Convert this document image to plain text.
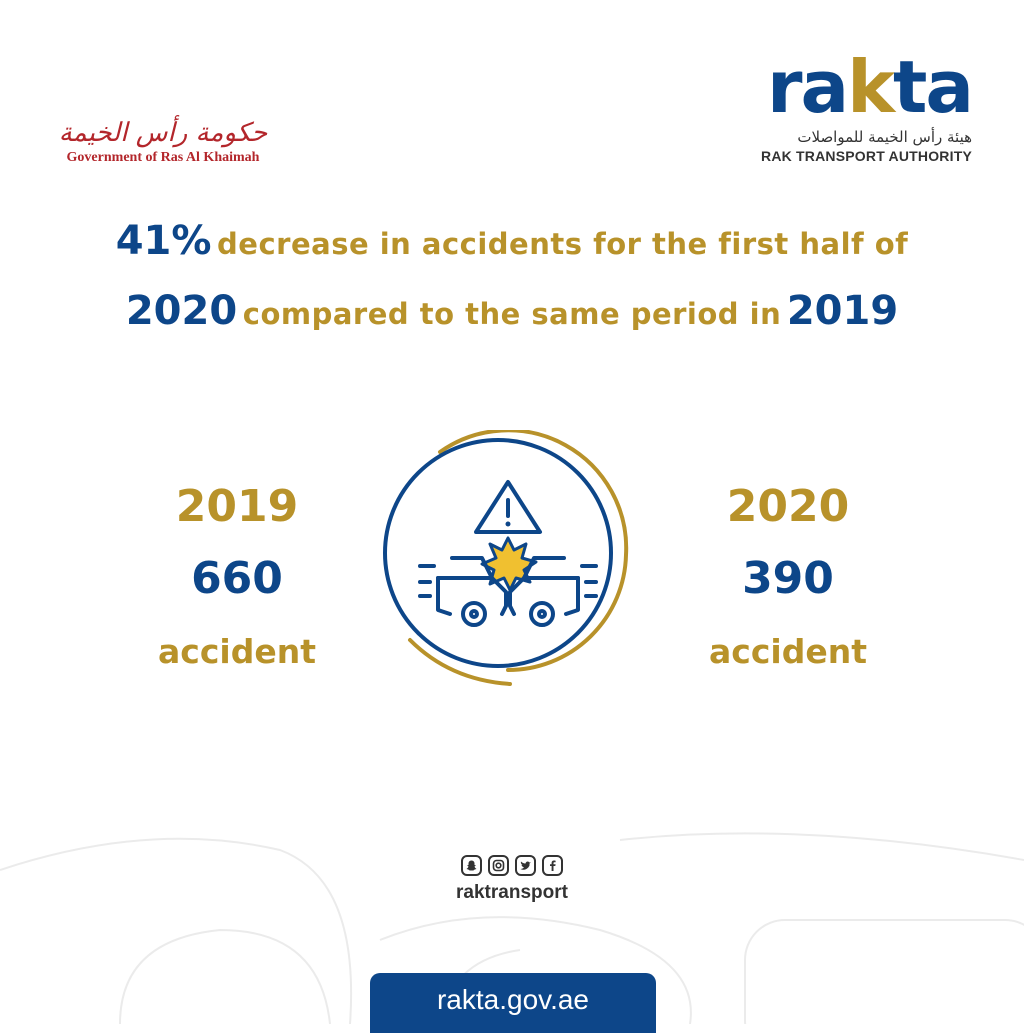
حكومة رأس الخيمة
Government of Ras Al Khaimah
rakta
هيئة رأس الخيمة للمواصلات
RAK TRANSPORT AUTHORITY
41% decrease in accidents for the first half of
2020 compared to the same period in 2019
2019
660
accident
2020
390
accident
raktransport
rakta.gov.ae
